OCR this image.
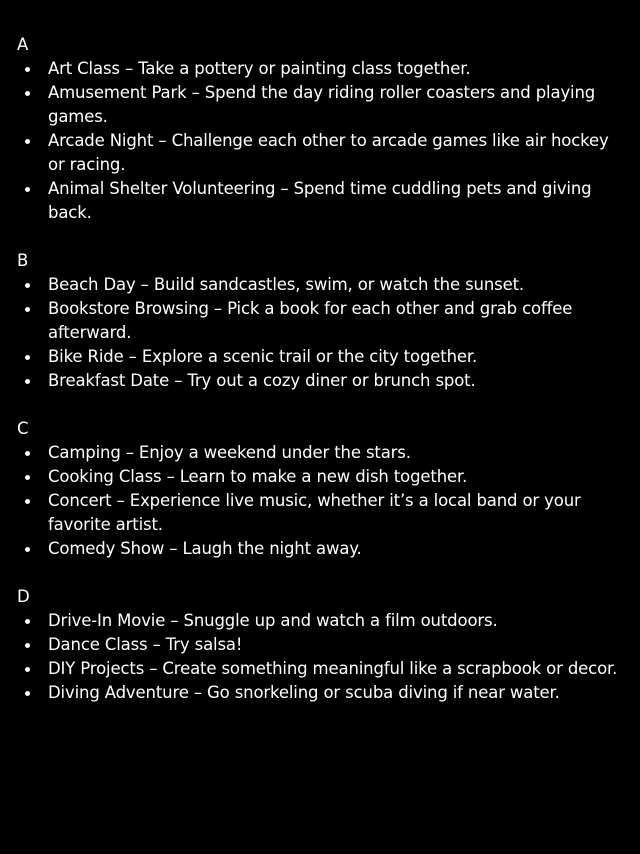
A
Art Class – Take a pottery or painting class together.
Amusement Park – Spend the day riding roller coasters and playing games.
Arcade Night – Challenge each other to arcade games like air hockey or racing.
Animal Shelter Volunteering – Spend time cuddling pets and giving back.
B
Beach Day – Build sandcastles, swim, or watch the sunset.
Bookstore Browsing – Pick a book for each other and grab coffee afterward.
Bike Ride – Explore a scenic trail or the city together.
Breakfast Date – Try out a cozy diner or brunch spot.
C
Camping – Enjoy a weekend under the stars.
Cooking Class – Learn to make a new dish together.
Concert – Experience live music, whether it’s a local band or your favorite artist.
Comedy Show – Laugh the night away.
D
Drive-In Movie – Snuggle up and watch a film outdoors.
Dance Class – Try salsa!
DIY Projects – Create something meaningful like a scrapbook or decor.
Diving Adventure – Go snorkeling or scuba diving if near water.
